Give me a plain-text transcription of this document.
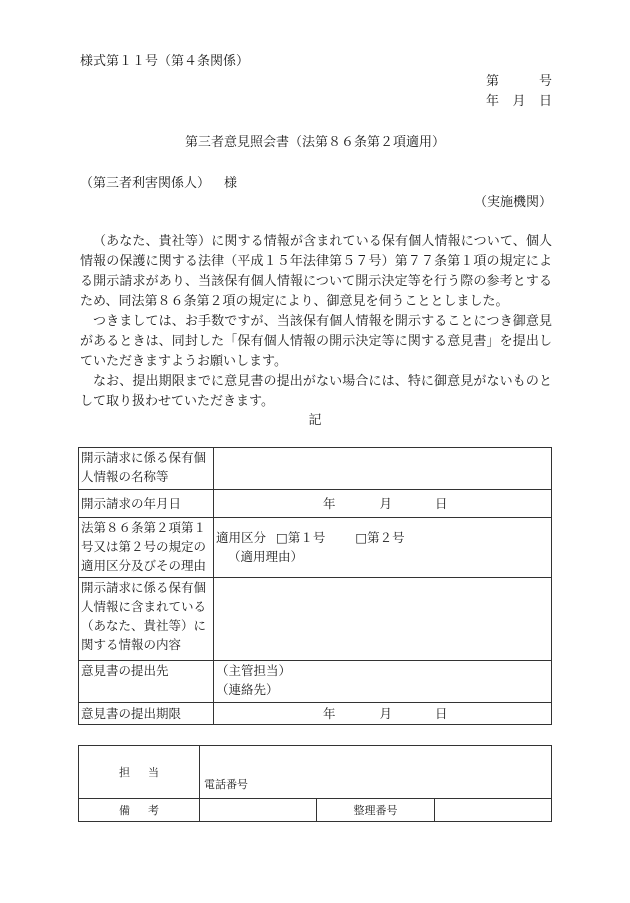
様式第１１号（第４条関係）
第	号
年 月 日
第三者意見照会書（法第８６条第２項適用）
（第三者利害関係人） 様
（実施機関）

（あなた、貴社等）に関する情報が含まれている保有個人情報について、個人情報の保護に関する法律（平成１５年法律第５７号）第７７条第１項の規定による開示請求があり、当該保有個人情報について開示決定等を行う際の参考とするため、同法第８６条第２項の規定により、御意見を伺うこととしました。

つきましては、お手数ですが、当該保有個人情報を開示することにつき御意見があるときは、同封した「保有個人情報の開示決定等に関する意見書」を提出していただきますようお願いします。

なお、提出期限までに意見書の提出がない場合には、特に御意見がないものとして取り扱わせていただきます。

記
開示請求に係る保有個人情報の名称等	
開示請求の年月日	年 月 日

法第８６条第２項第１号又は第２号の規定の適用区分及びその理由	適用区分 □第１号 □第２号
（適用理由）

開示請求に係る保有個人情報に含まれている（あなた、貴社等）に関する情報の内容	
意見書の提出先	（主管担当）
（連絡先）

意見書の提出期限	年 月 日
担当	電話番号		
備考		整理番号	
